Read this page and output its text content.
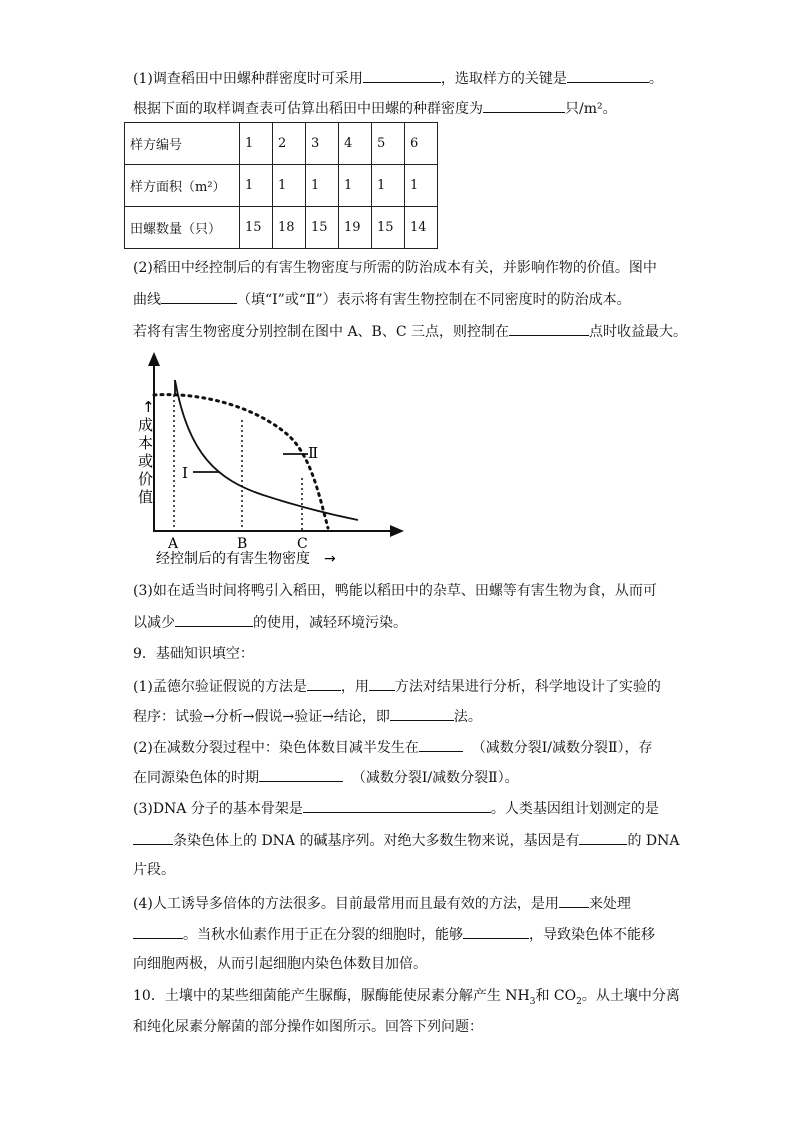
(1)调查稻田中田螺种群密度时可采用	，选取样方的关键是	。
根据下面的取样调查表可估算出稻田中田螺的种群密度为	只/m²。
样方编号	1	2	3	4	5	6
样方面积（m²）	1	1	1	1	1	1
田螺数量（只）	15	18	15	19	15	14
(2)稻田中经控制后的有害生物密度与所需的防治成本有关，并影响作物的价值。图中
曲线	（填“I”或“Ⅱ”）表示将有害生物控制在不同密度时的防治成本。
若将有害生物密度分别控制在图中 A、B、C 三点，则控制在	点时收益最大。
↑
成
本
或
价
值
I
Ⅱ
A	B	C
经控制后的有害生物密度 →
(3)如在适当时间将鸭引入稻田，鸭能以稻田中的杂草、田螺等有害生物为食，从而可
以减少	的使用，减轻环境污染。
9．基础知识填空：
(1)孟德尔验证假说的方法是 ，用 方法对结果进行分析，科学地设计了实验的
程序：试验→分析→假说→验证→结论，即	法。
(2)在减数分裂过程中：染色体数目减半发生在	（减数分裂Ⅰ/减数分裂Ⅱ），存
在同源染色体的时期	（减数分裂Ⅰ/减数分裂Ⅱ）。
(3)DNA 分子的基本骨架是	。人类基因组计划测定的是
条染色体上的 DNA 的碱基序列。对绝大多数生物来说，基因是有	的 DNA
片段。
(4)人工诱导多倍体的方法很多。目前最常用而且最有效的方法，是用 来处理
。当秋水仙素作用于正在分裂的细胞时，能够	，导致染色体不能移
向细胞两极，从而引起细胞内染色体数目加倍。
10．土壤中的某些细菌能产生脲酶，脲酶能使尿素分解产生 $NH_3$和 $CO_2$。从土壤中分离
和纯化尿素分解菌的部分操作如图所示。回答下列问题：
